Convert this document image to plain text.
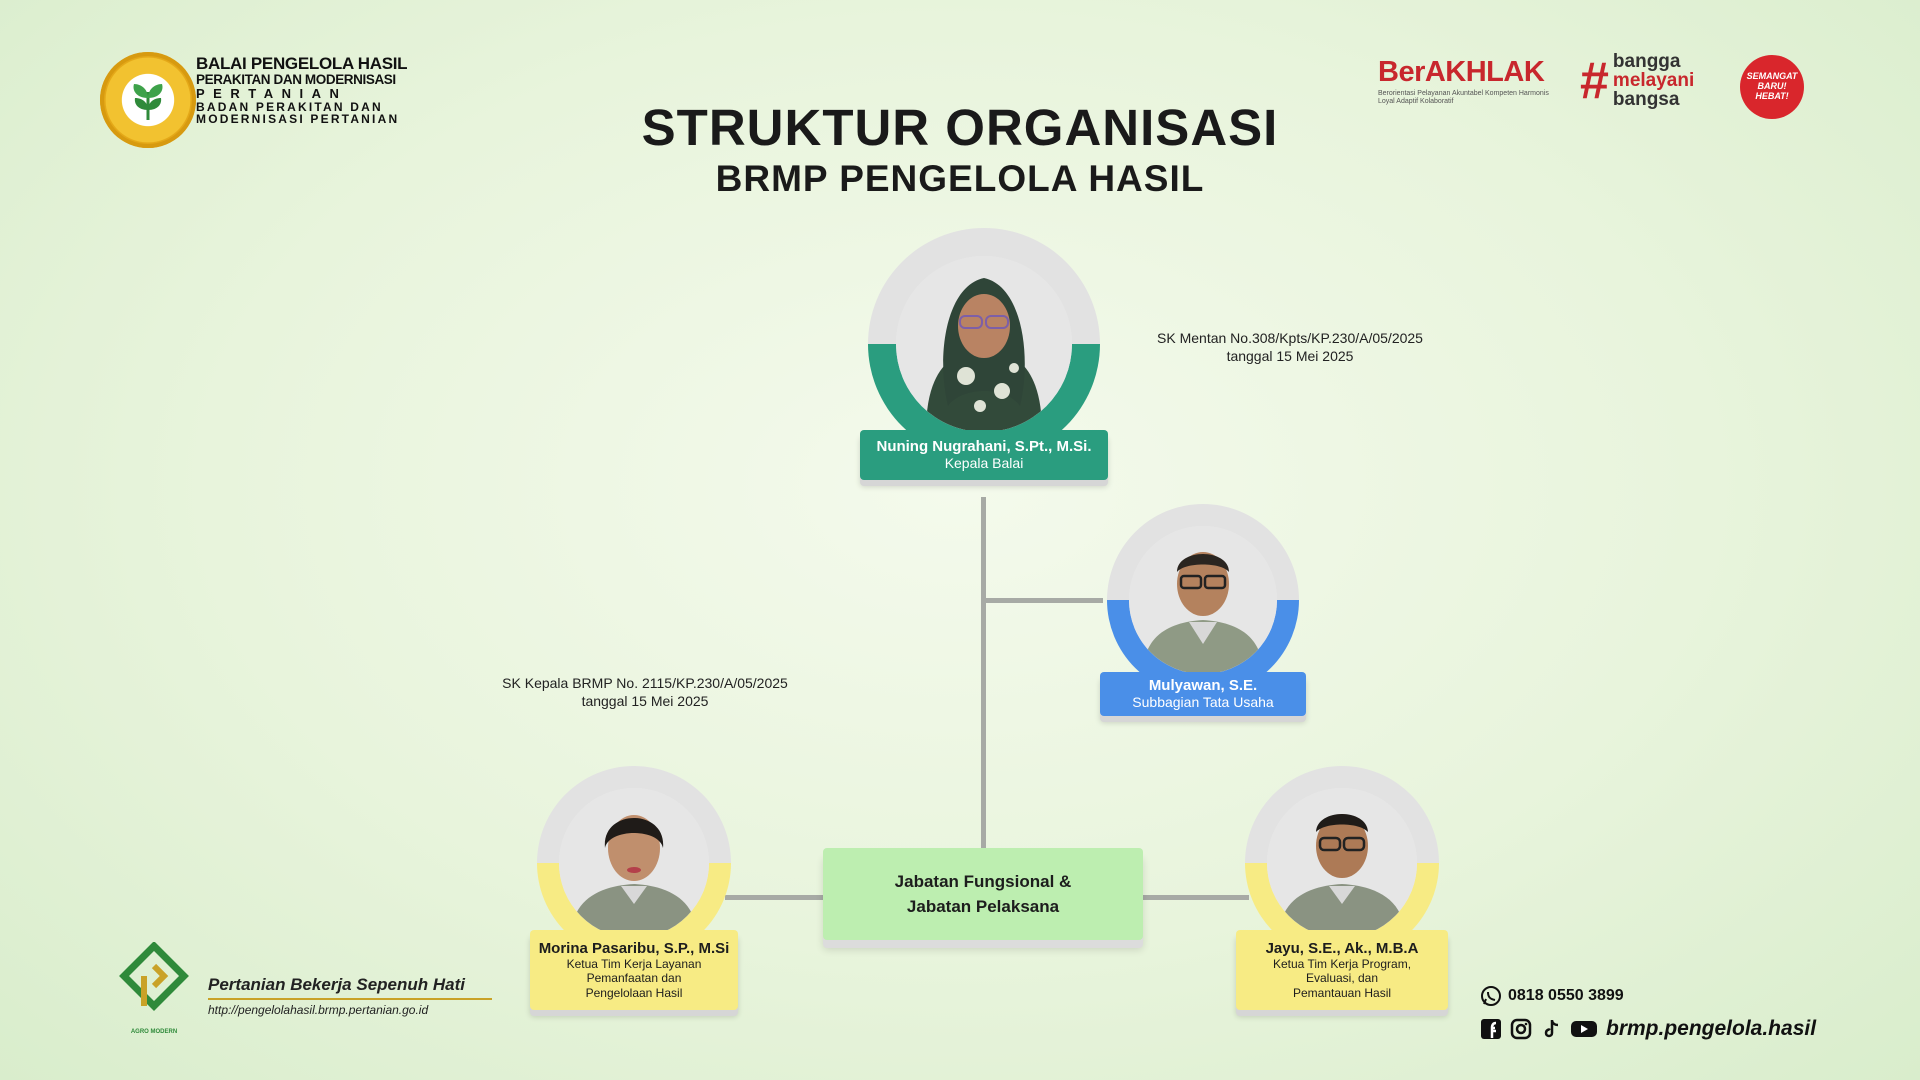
BALAI PENGELOLA HASIL
PERAKITAN DAN MODERNISASI
PERTANIAN
BADAN PERAKITAN DAN
MODERNISASI PERTANIAN	STRUKTUR ORGANISASI
BRMP PENGELOLA HASIL
BerAKHLAK
Berorientasi Pelayanan Akuntabel Kompeten Harmonis Loyal Adaptif Kolaboratif	# bangga
melayani
bangsa
SEMANGAT BARU! HEBAT!
Nuning Nugrahani, S.Pt., M.Si.
Kepala Balai
SK Mentan No.308/Kpts/KP.230/A/05/2025
tanggal 15 Mei 2025
Mulyawan, S.E.
Subbagian Tata Usaha
SK Kepala BRMP No. 2115/KP.230/A/05/2025
tanggal 15 Mei 2025
Morina Pasaribu, S.P., M.Si
Ketua Tim Kerja Layanan
Pemanfaatan dan
Pengelolaan Hasil
Jabatan Fungsional &
Jabatan Pelaksana
Jayu, S.E., Ak., M.B.A
Ketua Tim Kerja Program,
Evaluasi, dan
Pemantauan Hasil
AGRO MODERN
Pertanian Bekerja Sepenuh Hati
http://pengelolahasil.brmp.pertanian.go.id
0818 0550 3899
brmp.pengelola.hasil
